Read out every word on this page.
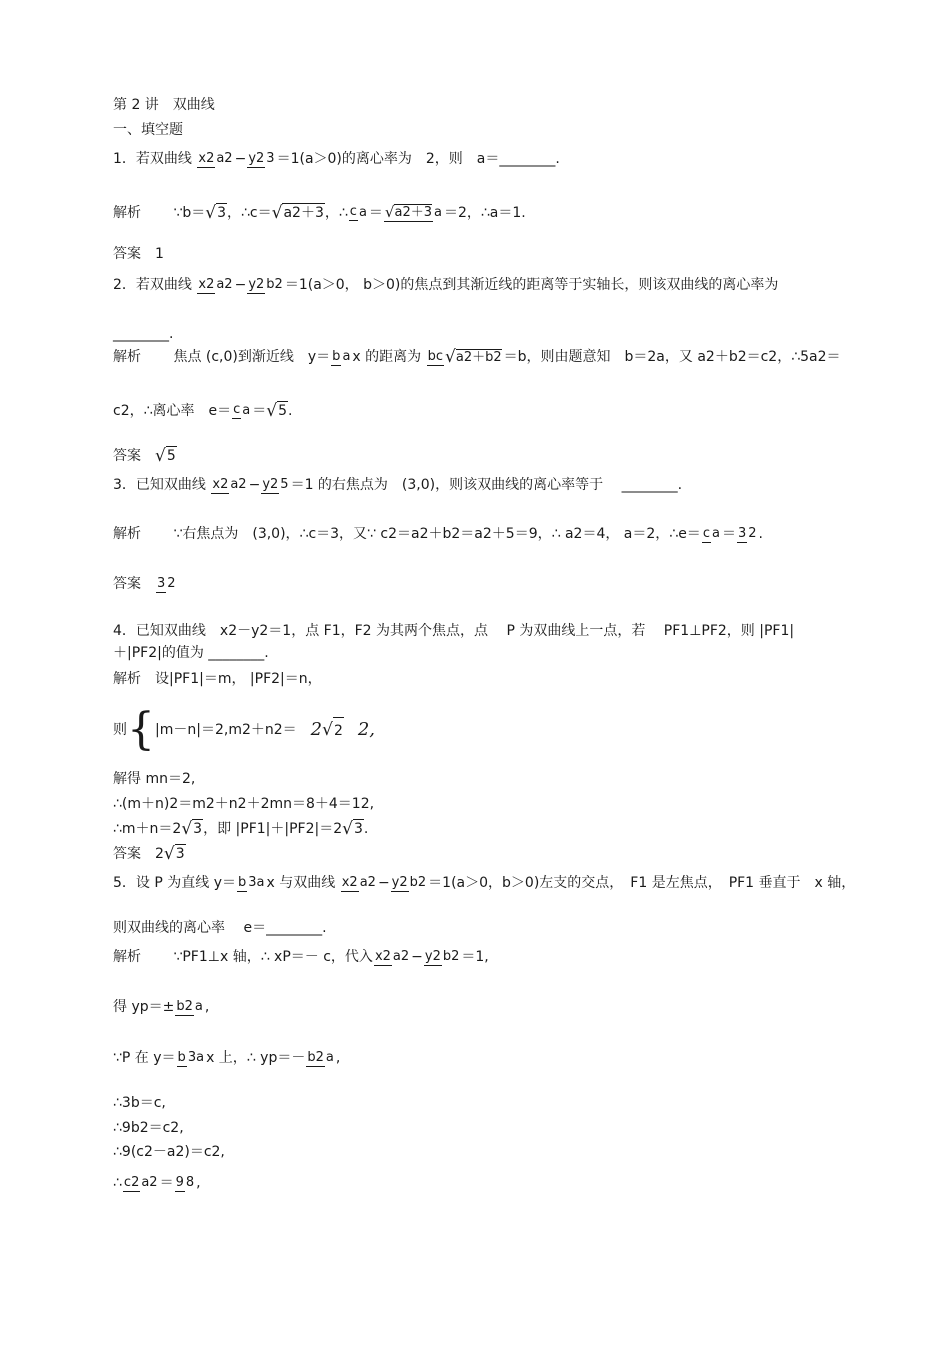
第 2 讲　双曲线
一、填空题
1．若双曲线 x2 a2 − y2 3 ＝1(a＞0)的离心率为　2，则　a＝________.
解析 ∵b＝√3，∴c＝√a2＋3，∴ c a ＝ √a2＋3 a ＝2，∴a＝1.
答案 1
2．若双曲线 x2 a2 − y2 b2 ＝1(a＞0， b＞0)的焦点到其渐近线的距离等于实轴长，则该双曲线的离心率为
________.
解析 焦点 (c,0)到渐近线　y＝ b a x 的距离为 bc √a2＋b2 ＝b，则由题意知　b＝2a，又 a2＋b2＝c2，∴5a2＝
c2，∴离心率　e＝ c a ＝√5.
答案 √5
3．已知双曲线 x2 a2 − y2 5 ＝1 的右焦点为　(3,0)，则该双曲线的离心率等于　 ________.
解析 ∵右焦点为　(3,0)，∴c＝3，又∵ c2＝a2＋b2＝a2＋5＝9，∴ a2＝4， a＝2，∴e＝ c a ＝ 3 2 .
答案 3 2
4．已知双曲线　x2－y2＝1，点 F1，F2 为其两个焦点，点　 P 为双曲线上一点，若　 PF1⊥PF2，则 |PF1|
＋|PF2|的值为 ________.
解析 设|PF1|＝m， |PF2|＝n，
则{|m－n|＝2,m2＋n2＝ 2√2 2,
解得 mn＝2,
∴(m＋n)2＝m2＋n2＋2mn＝8＋4＝12,
∴m＋n＝2√3，即 |PF1|＋|PF2|＝2√3.
答案 2√3
5．设 P 为直线 y＝ b 3a x 与双曲线 x2 a2 − y2 b2 ＝1(a＞0，b＞0)左支的交点，　F1 是左焦点，　PF1 垂直于　x 轴，
则双曲线的离心率　 e＝________.
解析 ∵PF1⊥x 轴，∴ xP＝－ c，代入 x2 a2 − y2 b2 ＝1,
得 yp＝± b2 a ,
∵P 在 y＝ b 3a x 上，∴ yp＝－ b2 a ,
∴3b＝c,
∴9b2＝c2,
∴9(c2－a2)＝c2,
∴ c2 a2 ＝ 9 8 ,
